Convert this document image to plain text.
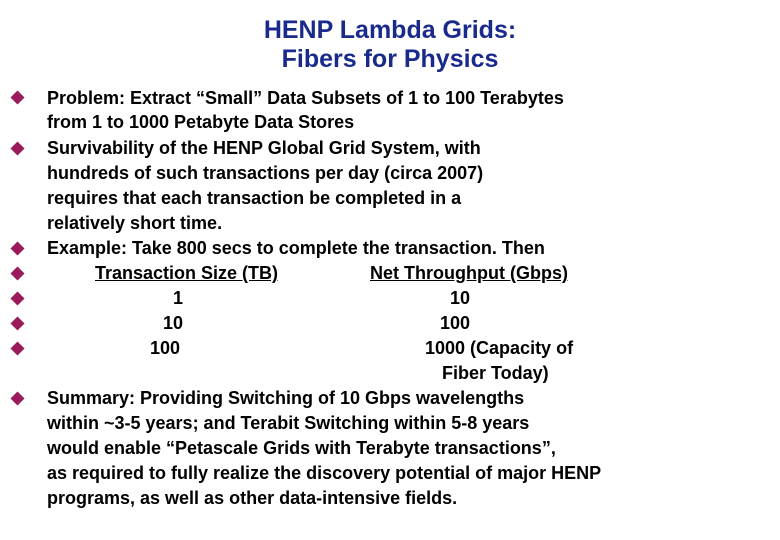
HENP Lambda Grids:
Fibers for Physics
Problem: Extract “Small” Data Subsets of 1 to 100 Terabytes
from 1 to 1000 Petabyte Data Stores
Survivability of the HENP Global Grid System, with
hundreds of such transactions per day (circa 2007)
requires that each transaction be completed in a
relatively short time.
Example: Take 800 secs to complete the transaction. Then
Transaction Size (TB)	Net Throughput (Gbps)
1	10
10	100
100	1000 (Capacity of
Fiber Today)
Summary: Providing Switching of 10 Gbps wavelengths
within ~3-5 years; and Terabit Switching within 5-8 years
would enable “Petascale Grids with Terabyte transactions”,
as required to fully realize the discovery potential of major HENP
programs, as well as other data-intensive fields.
